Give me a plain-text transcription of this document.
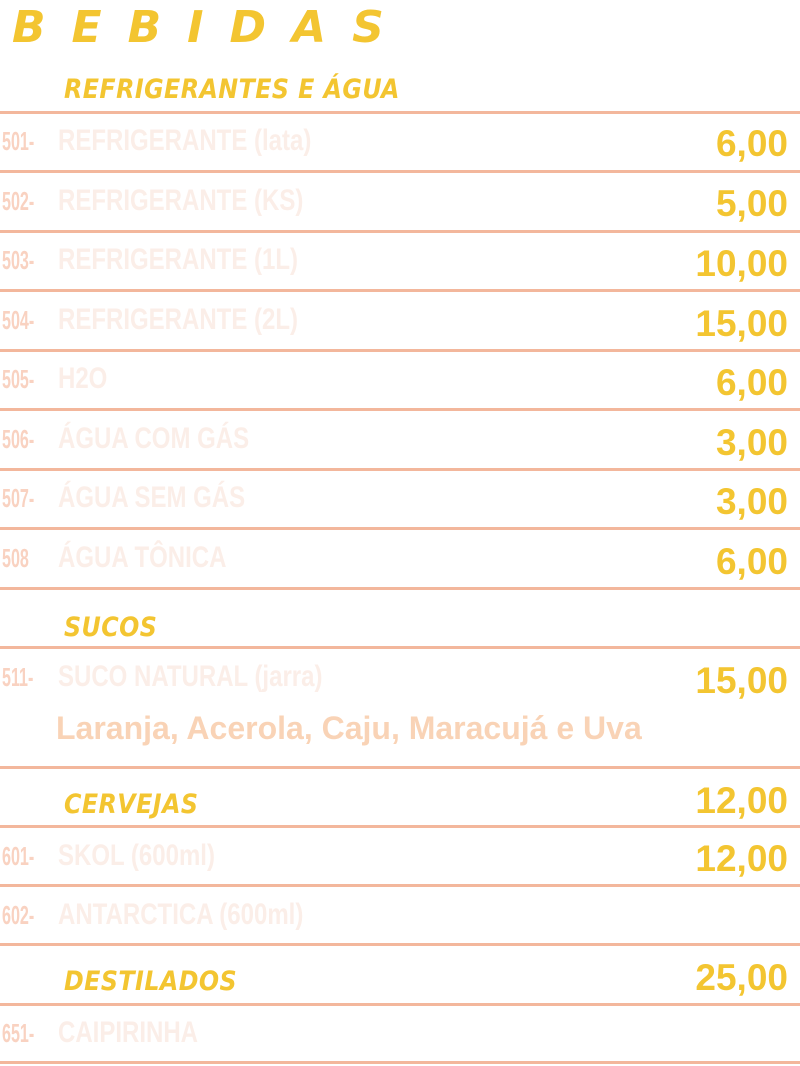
BEBIDAS
REFRIGERANTES E ÁGUA
501- REFRIGERANTE (lata)	6,00
502- REFRIGERANTE (KS)	5,00
503- REFRIGERANTE (1L)	10,00
504- REFRIGERANTE (2L)	15,00
505- H2O	6,00
506- ÁGUA COM GÁS	3,00
507- ÁGUA SEM GÁS	3,00
508 ÁGUA TÔNICA	6,00
SUCOS
511- SUCO NATURAL (jarra)	15,00
Laranja, Acerola, Caju, Maracujá e Uva
CERVEJAS	12,00
601- SKOL (600ml)	12,00
602- ANTARCTICA (600ml)
DESTILADOS	25,00
651- CAIPIRINHA
